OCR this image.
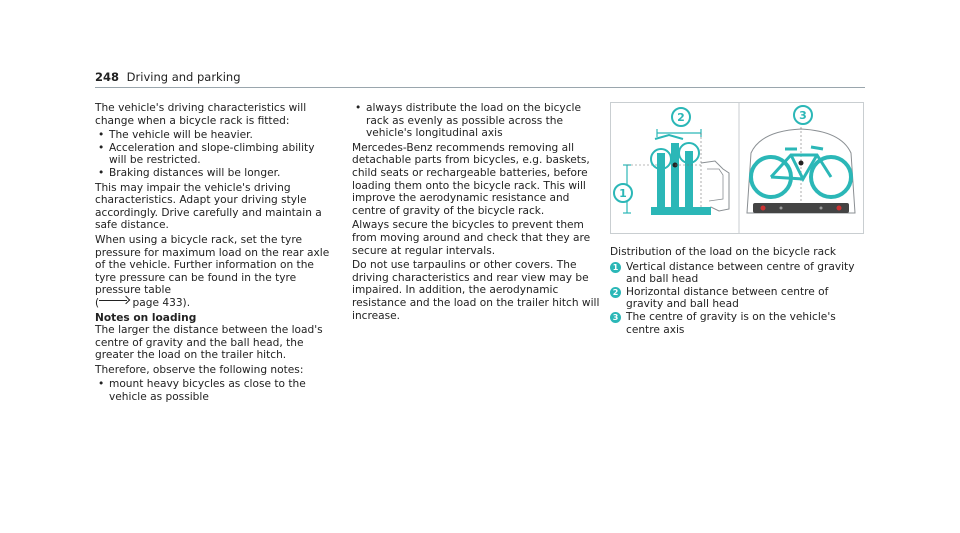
248 Driving and parking

The vehicle's driving characteristics will change when a bicycle rack is fitted:

• The vehicle will be heavier.
• Acceleration and slope-climbing ability will be restricted.
• Braking distances will be longer.

This may impair the vehicle's driving characteristics. Adapt your driving style accordingly. Drive carefully and maintain a safe distance.

When using a bicycle rack, set the tyre pressure for maximum load on the rear axle of the vehicle. Further information on the tyre pressure can be found in the tyre pressure table
(	page 433).

Notes on loading

The larger the distance between the load's centre of gravity and the ball head, the greater the load on the trailer hitch.

Therefore, observe the following notes:

• mount heavy bicycles as close to the vehicle as possible
• always distribute the load on the bicycle rack as evenly as possible across the vehicle's longitudinal axis

Mercedes-Benz recommends removing all detachable parts from bicycles, e.g. baskets, child seats or rechargeable batteries, before loading them onto the bicycle rack. This will improve the aerodynamic resistance and centre of gravity of the bicycle rack.

Always secure the bicycles to prevent them from moving around and check that they are secure at regular intervals.

Do not use tarpaulins or other covers. The driving characteristics and rear view may be impaired. In addition, the aerodynamic resistance and the load on the trailer hitch will increase.

1
2	3

Distribution of the load on the bicycle rack

1 Vertical distance between centre of gravity and ball head
2 Horizontal distance between centre of gravity and ball head
3 The centre of gravity is on the vehicle's centre axis
